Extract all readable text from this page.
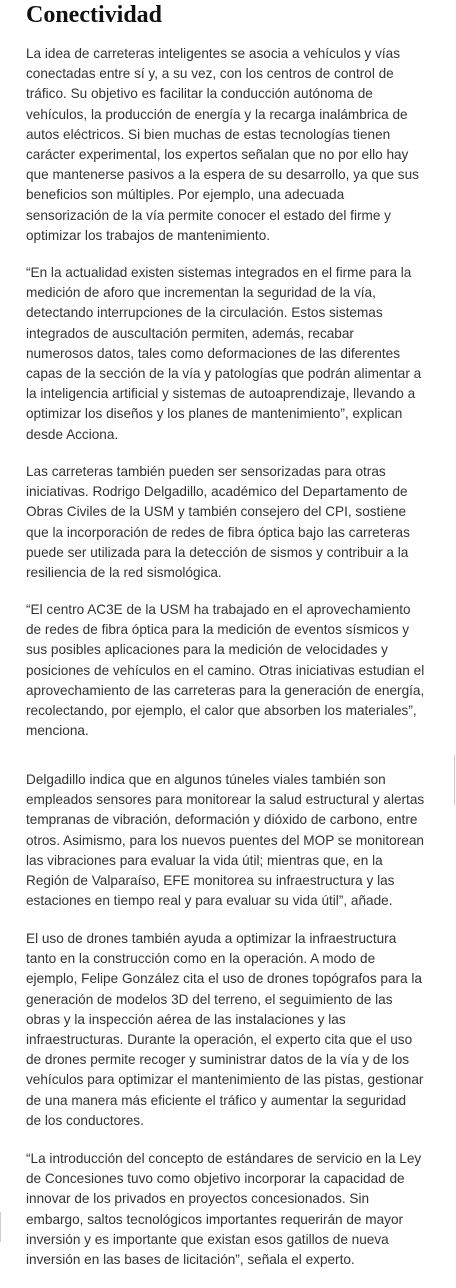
Conectividad

La idea de carreteras inteligentes se asocia a vehículos y vías
conectadas entre sí y, a su vez, con los centros de control de
tráfico. Su objetivo es facilitar la conducción autónoma de
vehículos, la producción de energía y la recarga inalámbrica de
autos eléctricos. Si bien muchas de estas tecnologías tienen
carácter experimental, los expertos señalan que no por ello hay
que mantenerse pasivos a la espera de su desarrollo, ya que sus
beneficios son múltiples. Por ejemplo, una adecuada
sensorización de la vía permite conocer el estado del firme y
optimizar los trabajos de mantenimiento.

“En la actualidad existen sistemas integrados en el firme para la
medición de aforo que incrementan la seguridad de la vía,
detectando interrupciones de la circulación. Estos sistemas
integrados de auscultación permiten, además, recabar
numerosos datos, tales como deformaciones de las diferentes
capas de la sección de la vía y patologías que podrán alimentar a
la inteligencia artificial y sistemas de autoaprendizaje, llevando a
optimizar los diseños y los planes de mantenimiento”, explican
desde Acciona.

Las carreteras también pueden ser sensorizadas para otras
iniciativas. Rodrigo Delgadillo, académico del Departamento de
Obras Civiles de la USM y también consejero del CPI, sostiene
que la incorporación de redes de fibra óptica bajo las carreteras
puede ser utilizada para la detección de sismos y contribuir a la
resiliencia de la red sismológica.

“El centro AC3E de la USM ha trabajado en el aprovechamiento
de redes de fibra óptica para la medición de eventos sísmicos y
sus posibles aplicaciones para la medición de velocidades y
posiciones de vehículos en el camino. Otras iniciativas estudian el
aprovechamiento de las carreteras para la generación de energía,
recolectando, por ejemplo, el calor que absorben los materiales”,
menciona.

Delgadillo indica que en algunos túneles viales también son
empleados sensores para monitorear la salud estructural y alertas
tempranas de vibración, deformación y dióxido de carbono, entre
otros. Asimismo, para los nuevos puentes del MOP se monitorean
las vibraciones para evaluar la vida útil; mientras que, en la
Región de Valparaíso, EFE monitorea su infraestructura y las
estaciones en tiempo real y para evaluar su vida útil”, añade.

El uso de drones también ayuda a optimizar la infraestructura
tanto en la construcción como en la operación. A modo de
ejemplo, Felipe González cita el uso de drones topógrafos para la
generación de modelos 3D del terreno, el seguimiento de las
obras y la inspección aérea de las instalaciones y las
infraestructuras. Durante la operación, el experto cita que el uso
de drones permite recoger y suministrar datos de la vía y de los
vehículos para optimizar el mantenimiento de las pistas, gestionar
de una manera más eficiente el tráfico y aumentar la seguridad
de los conductores.

“La introducción del concepto de estándares de servicio en la Ley
de Concesiones tuvo como objetivo incorporar la capacidad de
innovar de los privados en proyectos concesionados. Sin
embargo, saltos tecnológicos importantes requerirán de mayor
inversión y es importante que existan esos gatillos de nueva
inversión en las bases de licitación”, señala el experto.
